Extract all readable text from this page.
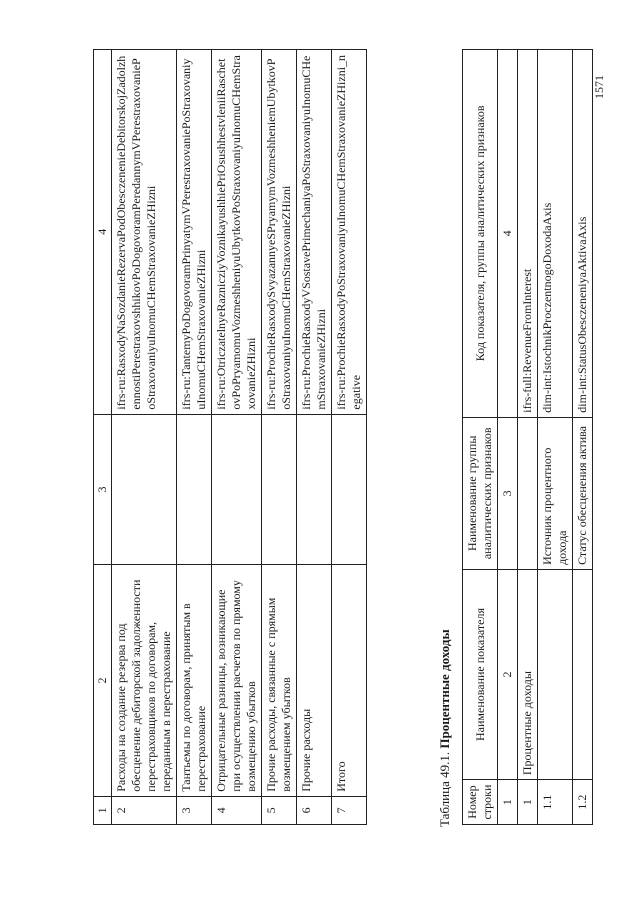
1	2	3	4
2	Расходы на создание резерва под обесценение дебиторской задолженности перестраховщиков по договорам, переданным в перестрахование		ifrs-ru:RasxodyNaSozdanieRezervaPodObesczenenieDebitorskojZadolzhennostiPerestraxovshhikovPoDogovoramPeredannymVPerestraxovaniePoStraxovaniyuInomuCHemStraxovanieZHizni
3	Тантьемы по договорам, принятым в перестрахование		ifrs-ru:TantemyPoDogovoramPrinyatymVPerestraxovaniePoStraxovaniyuInomuCHemStraxovanieZHizni
4	Отрицательные разницы, возникающие при осуществлении расчетов по прямому возмещению убытков		ifrs-ru:OtriczatelnyeRaznicziyVoznikayushhiePriOsushhestvleniiRaschetovPoPryamomuVozmeshheniyuUbytkovPoStraxovaniyuInomuCHemStraxovanieZHizni
5	Прочие расходы, связанные с прямым возмещением убытков		ifrs-ru:ProchieRasxodySvyazannyeSPryamymVozmeshheniemUbytkovPoStraxovaniyuInomuCHemStraxovanieZHizni
6	Прочие расходы		ifrs-ru:ProchieRasxodyVSostavePrimechaniyaPoStraxovaniyuInomuCHemStraxovanieZHizni
7	Итого		ifrs-ru:ProchieRasxodyPoStraxovaniyuInomuCHemStraxovanieZHizni_negative
Таблица 49.1. Процентные доходы
Номер строки	Наименование показателя	Наименование группы аналитических признаков	Код показателя, группы аналитических признаков
1	2	3	4
1	Процентные доходы		ifrs-full:RevenueFromInterest
1.1		Источник процентного дохода	dim-int:IstochnikProczentnogoDoxodaAxis
1.2		Статус обесценения актива	dim-int:StatusObesczeneniyaAktivaAxis
1571
